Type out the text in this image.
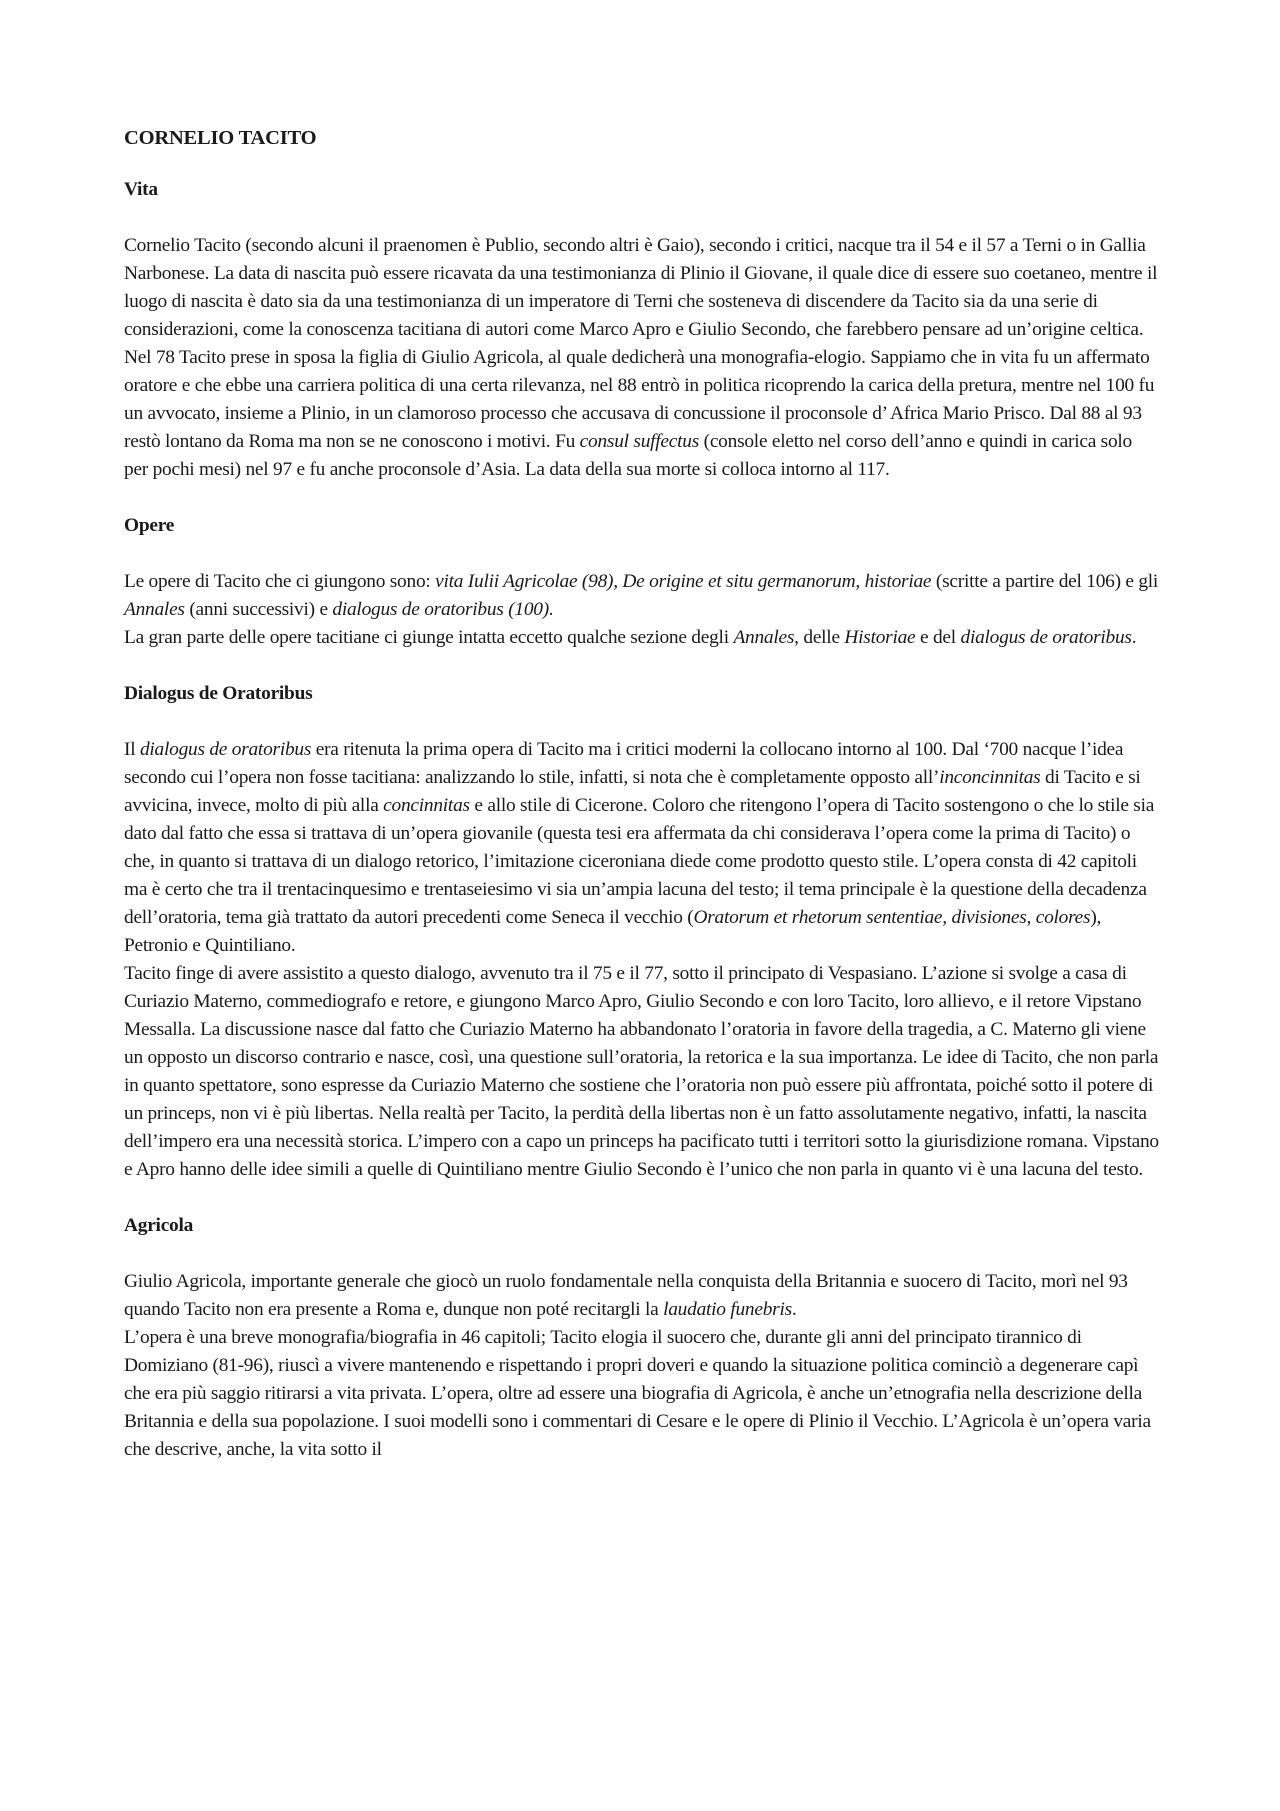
CORNELIO TACITO
Vita

Cornelio Tacito (secondo alcuni il praenomen è Publio, secondo altri è Gaio), secondo i critici, nacque tra il 54 e il 57 a Terni o in Gallia Narbonese. La data di nascita può essere ricavata da una testimonianza di Plinio il Giovane, il quale dice di essere suo coetaneo, mentre il luogo di nascita è dato sia da una testimonianza di un imperatore di Terni che sosteneva di discendere da Tacito sia da una serie di considerazioni, come la conoscenza tacitiana di autori come Marco Apro e Giulio Secondo, che farebbero pensare ad un’origine celtica. Nel 78 Tacito prese in sposa la figlia di Giulio Agricola, al quale dedicherà una monografia-elogio. Sappiamo che in vita fu un affermato oratore e che ebbe una carriera politica di una certa rilevanza, nel 88 entrò in politica ricoprendo la carica della pretura, mentre nel 100 fu un avvocato, insieme a Plinio, in un clamoroso processo che accusava di concussione il proconsole d’ Africa Mario Prisco. Dal 88 al 93 restò lontano da Roma ma non se ne conoscono i motivi. Fu consul suffectus (console eletto nel corso dell’anno e quindi in carica solo per pochi mesi) nel 97 e fu anche proconsole d’Asia. La data della sua morte si colloca intorno al 117.

Opere

Le opere di Tacito che ci giungono sono: vita Iulii Agricolae (98), De origine et situ germanorum, historiae (scritte a partire del 106) e gli Annales (anni successivi) e dialogus de oratoribus (100).

La gran parte delle opere tacitiane ci giunge intatta eccetto qualche sezione degli Annales, delle Historiae e del dialogus de oratoribus.

Dialogus de Oratoribus

Il dialogus de oratoribus era ritenuta la prima opera di Tacito ma i critici moderni la collocano intorno al 100. Dal ‘700 nacque l’idea secondo cui l’opera non fosse tacitiana: analizzando lo stile, infatti, si nota che è completamente opposto all’inconcinnitas di Tacito e si avvicina, invece, molto di più alla concinnitas e allo stile di Cicerone. Coloro che ritengono l’opera di Tacito sostengono o che lo stile sia dato dal fatto che essa si trattava di un’opera giovanile (questa tesi era affermata da chi considerava l’opera come la prima di Tacito) o che, in quanto si trattava di un dialogo retorico, l’imitazione ciceroniana diede come prodotto questo stile. L’opera consta di 42 capitoli ma è certo che tra il trentacinquesimo e trentaseiesimo vi sia un’ampia lacuna del testo; il tema principale è la questione della decadenza dell’oratoria, tema già trattato da autori precedenti come Seneca il vecchio (Oratorum et rhetorum sententiae, divisiones, colores), Petronio e Quintiliano.

Tacito finge di avere assistito a questo dialogo, avvenuto tra il 75 e il 77, sotto il principato di Vespasiano. L’azione si svolge a casa di Curiazio Materno, commediografo e retore, e giungono Marco Apro, Giulio Secondo e con loro Tacito, loro allievo, e il retore Vipstano Messalla. La discussione nasce dal fatto che Curiazio Materno ha abbandonato l’oratoria in favore della tragedia, a C. Materno gli viene un opposto un discorso contrario e nasce, così, una questione sull’oratoria, la retorica e la sua importanza. Le idee di Tacito, che non parla in quanto spettatore, sono espresse da Curiazio Materno che sostiene che l’oratoria non può essere più affrontata, poiché sotto il potere di un princeps, non vi è più libertas. Nella realtà per Tacito, la perdità della libertas non è un fatto assolutamente negativo, infatti, la nascita dell’impero era una necessità storica. L’impero con a capo un princeps ha pacificato tutti i territori sotto la giurisdizione romana. Vipstano e Apro hanno delle idee simili a quelle di Quintiliano mentre Giulio Secondo è l’unico che non parla in quanto vi è una lacuna del testo.

Agricola

Giulio Agricola, importante generale che giocò un ruolo fondamentale nella conquista della Britannia e suocero di Tacito, morì nel 93 quando Tacito non era presente a Roma e, dunque non poté recitargli la laudatio funebris.

L’opera è una breve monografia/biografia in 46 capitoli; Tacito elogia il suocero che, durante gli anni del principato tirannico di Domiziano (81-96), riuscì a vivere mantenendo e rispettando i propri doveri e quando la situazione politica cominciò a degenerare capì che era più saggio ritirarsi a vita privata. L’opera, oltre ad essere una biografia di Agricola, è anche un’etnografia nella descrizione della Britannia e della sua popolazione. I suoi modelli sono i commentari di Cesare e le opere di Plinio il Vecchio. L’Agricola è un’opera varia che descrive, anche, la vita sotto il
